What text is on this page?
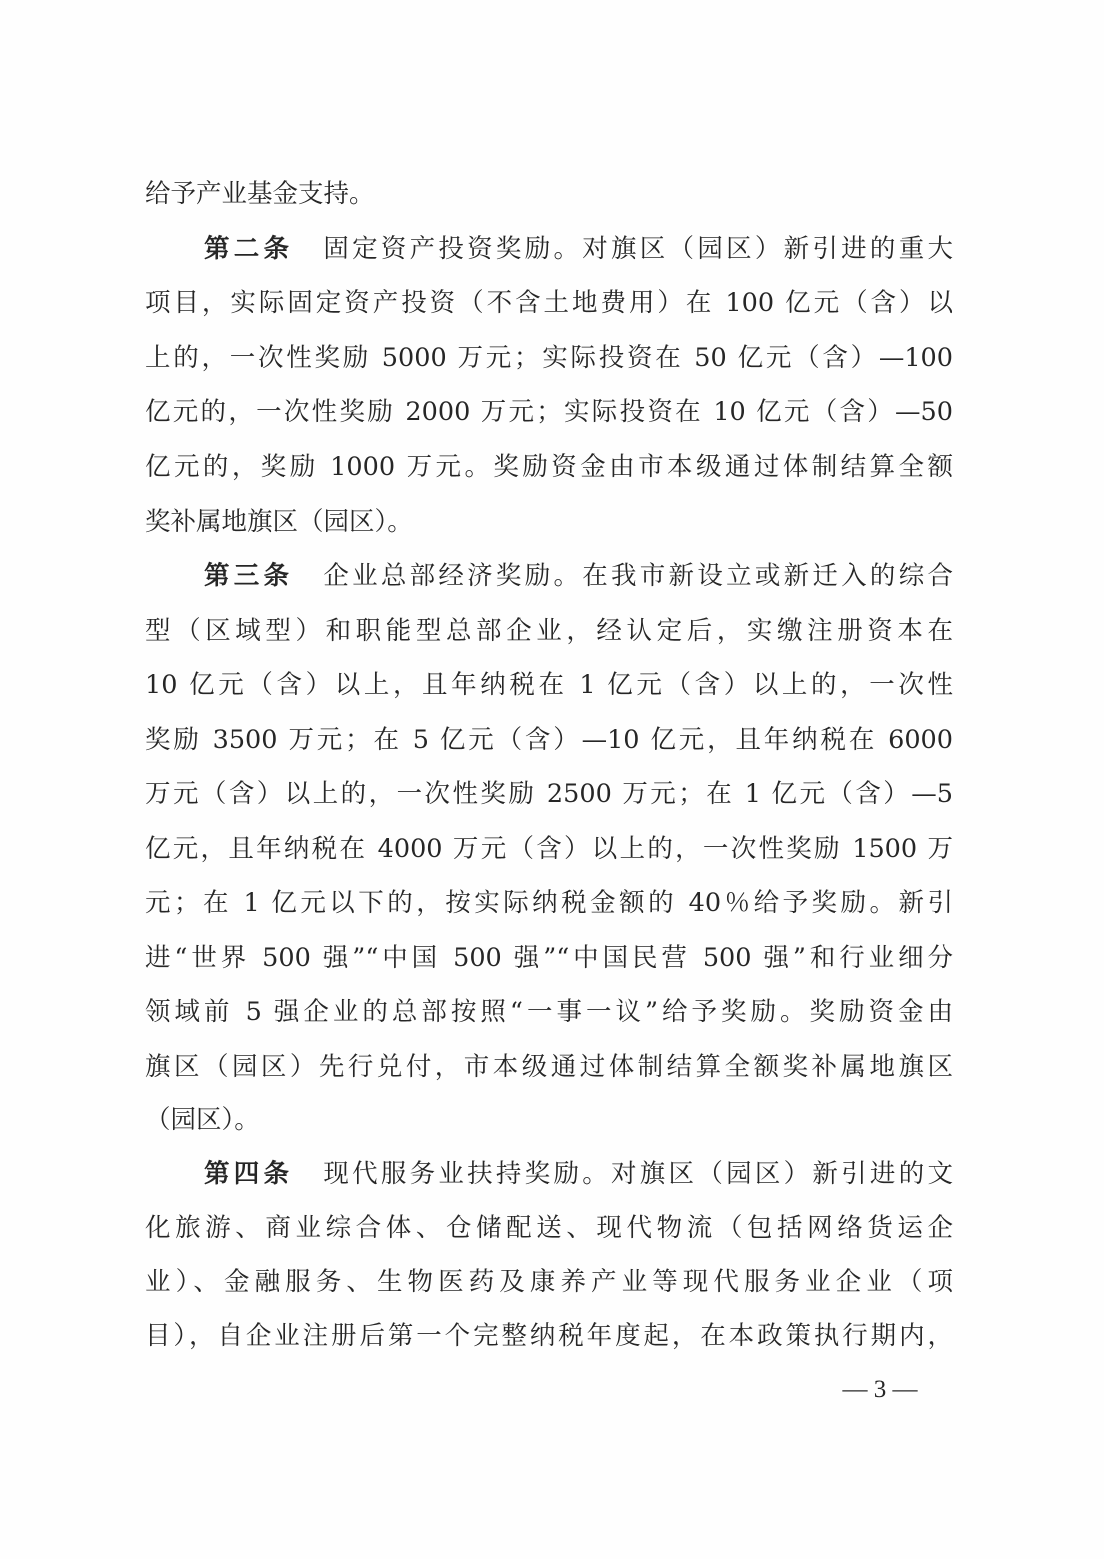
给予产业基金支持。
第二条 固定资产投资奖励。对旗区（园区）新引进的重大
项目，实际固定资产投资（不含土地费用）在 100 亿元（含）以
上的，一次性奖励 5000 万元；实际投资在 50 亿元（含）—100
亿元的，一次性奖励 2000 万元；实际投资在 10 亿元（含）—50
亿元的，奖励 1000 万元。奖励资金由市本级通过体制结算全额
奖补属地旗区（园区）。
第三条 企业总部经济奖励。在我市新设立或新迁入的综合
型（区域型）和职能型总部企业，经认定后，实缴注册资本在
10 亿元（含）以上，且年纳税在 1 亿元（含）以上的，一次性
奖励 3500 万元；在 5 亿元（含）—10 亿元，且年纳税在 6000
万元（含）以上的，一次性奖励 2500 万元；在 1 亿元（含）—5
亿元，且年纳税在 4000 万元（含）以上的，一次性奖励 1500 万
元；在 1 亿元以下的，按实际纳税金额的 40％给予奖励。新引
进“世界 500 强”“中国 500 强”“中国民营 500 强”和行业细分
领域前 5 强企业的总部按照“一事一议”给予奖励。奖励资金由
旗区（园区）先行兑付，市本级通过体制结算全额奖补属地旗区
（园区）。
第四条 现代服务业扶持奖励。对旗区（园区）新引进的文
化旅游、商业综合体、仓储配送、现代物流（包括网络货运企
业）、金融服务、生物医药及康养产业等现代服务业企业（项
目），自企业注册后第一个完整纳税年度起，在本政策执行期内，
— 3 —
